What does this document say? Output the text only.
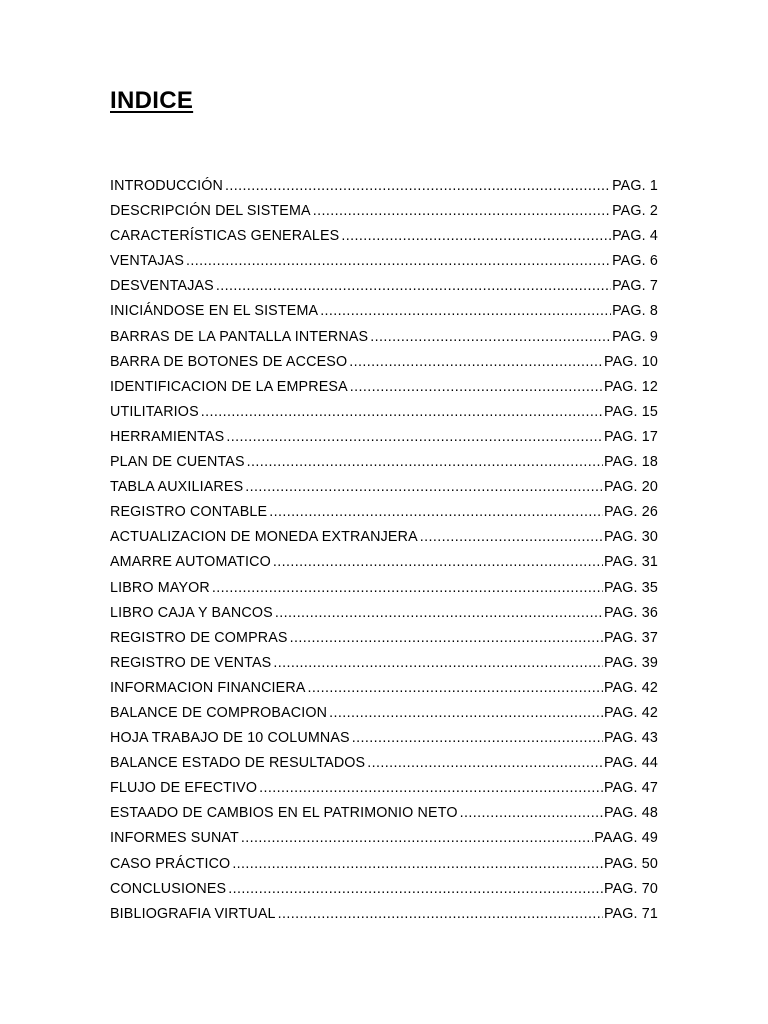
INDICE
INTRODUCCIÓN .....	PAG. 1
DESCRIPCIÓN DEL SISTEMA .....	PAG. 2
CARACTERÍSTICAS GENERALES .....	PAG. 4
VENTAJAS .....	PAG. 6
DESVENTAJAS .....	PAG. 7
INICIÁNDOSE EN EL SISTEMA .....	PAG. 8
BARRAS DE LA PANTALLA INTERNAS .....	PAG. 9
BARRA DE BOTONES DE ACCESO .....	PAG. 10
IDENTIFICACION DE LA EMPRESA .....	PAG. 12
UTILITARIOS .....	PAG. 15
HERRAMIENTAS .....	PAG. 17
PLAN DE CUENTAS .....	PAG. 18
TABLA AUXILIARES .....	PAG. 20
REGISTRO CONTABLE .....	PAG. 26
ACTUALIZACION DE MONEDA EXTRANJERA .....	PAG. 30
AMARRE AUTOMATICO .....	PAG. 31
LIBRO MAYOR .....	PAG. 35
LIBRO CAJA Y BANCOS .....	PAG. 36
REGISTRO DE COMPRAS .....	PAG. 37
REGISTRO DE VENTAS .....	PAG. 39
INFORMACION FINANCIERA .....	PAG. 42
BALANCE DE COMPROBACION .....	PAG. 42
HOJA TRABAJO DE 10 COLUMNAS .....	PAG. 43
BALANCE ESTADO DE RESULTADOS .....	PAG. 44
FLUJO DE EFECTIVO .....	PAG. 47
ESTAADO DE CAMBIOS EN EL PATRIMONIO NETO .....	PAG. 48
INFORMES SUNAT .....	PAAG. 49
CASO PRÁCTICO .....	PAG. 50
CONCLUSIONES .....	PAG. 70
BIBLIOGRAFIA VIRTUAL .....	PAG. 71
